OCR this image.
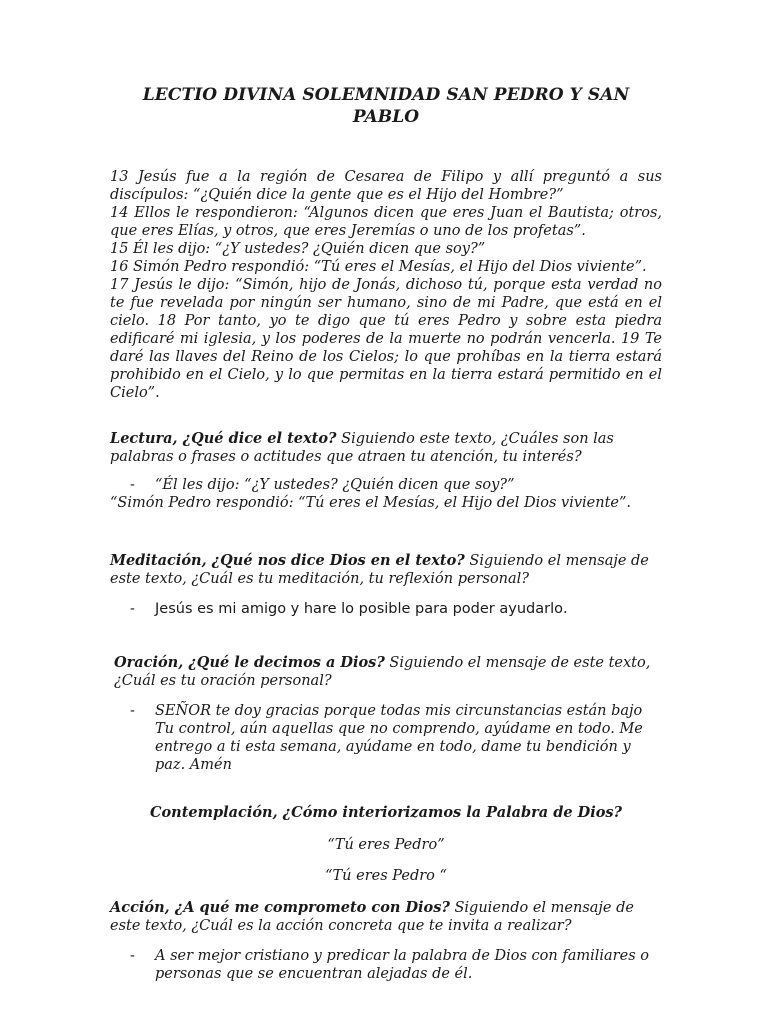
LECTIO DIVINA SOLEMNIDAD SAN PEDRO Y SAN PABLO

13 Jesús fue a la región de Cesarea de Filipo y allí preguntó a sus discípulos: “¿Quién dice la gente que es el Hijo del Hombre?”

14 Ellos le respondieron: “Algunos dicen que eres Juan el Bautista; otros, que eres Elías, y otros, que eres Jeremías o uno de los profetas”.

15 Él les dijo: “¿Y ustedes? ¿Quién dicen que soy?”

16 Simón Pedro respondió: “Tú eres el Mesías, el Hijo del Dios viviente”.

17 Jesús le dijo: “Simón, hijo de Jonás, dichoso tú, porque esta verdad no te fue revelada por ningún ser humano, sino de mi Padre, que está en el cielo. 18 Por tanto, yo te digo que tú eres Pedro y sobre esta piedra edificaré mi iglesia, y los poderes de la muerte no podrán vencerla. 19 Te daré las llaves del Reino de los Cielos; lo que prohíbas en la tierra estará prohibido en el Cielo, y lo que permitas en la tierra estará permitido en el Cielo”.

Lectura, ¿Qué dice el texto? Siguiendo este texto, ¿Cuáles son las palabras o frases o actitudes que atraen tu atención, tu interés?

- “Él les dijo: “¿Y ustedes? ¿Quién dicen que soy?”

“Simón Pedro respondió: “Tú eres el Mesías, el Hijo del Dios viviente”.

Meditación, ¿Qué nos dice Dios en el texto? Siguiendo el mensaje de este texto, ¿Cuál es tu meditación, tu reflexión personal?

- Jesús es mi amigo y hare lo posible para poder ayudarlo.

Oración, ¿Qué le decimos a Dios? Siguiendo el mensaje de este texto, ¿Cuál es tu oración personal?

- SEÑOR te doy gracias porque todas mis circunstancias están bajo Tu control, aún aquellas que no comprendo, ayúdame en todo. Me entrego a ti esta semana, ayúdame en todo, dame tu bendición y paz. Amén

Contemplación, ¿Cómo interiorizamos la Palabra de Dios?

“Tú eres Pedro”

“Tú eres Pedro “

Acción, ¿A qué me comprometo con Dios? Siguiendo el mensaje de este texto, ¿Cuál es la acción concreta que te invita a realizar?

- A ser mejor cristiano y predicar la palabra de Dios con familiares o personas que se encuentran alejadas de él.
